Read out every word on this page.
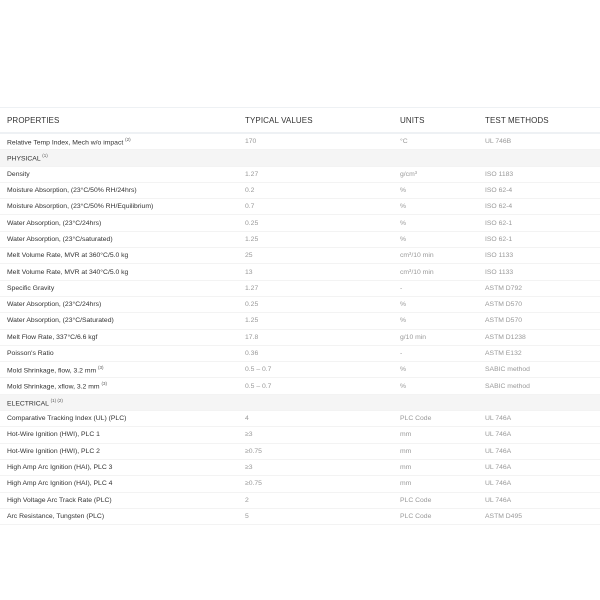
PROPERTIES	TYPICAL VALUES	UNITS	TEST METHODS
Relative Temp Index, Mech w/o impact $^{(2)}$	170	°C	UL 746B
PHYSICAL $^{(1)}$
Density	1.27	g/cm³	ISO 1183
Moisture Absorption, (23°C/50% RH/24hrs)	0.2	%	ISO 62-4
Moisture Absorption, (23°C/50% RH/Equilibrium)	0.7	%	ISO 62-4
Water Absorption, (23°C/24hrs)	0.25	%	ISO 62-1
Water Absorption, (23°C/saturated)	1.25	%	ISO 62-1
Melt Volume Rate, MVR at 360°C/5.0 kg	25	cm³/10 min	ISO 1133
Melt Volume Rate, MVR at 340°C/5.0 kg	13	cm³/10 min	ISO 1133
Specific Gravity	1.27	-	ASTM D792
Water Absorption, (23°C/24hrs)	0.25	%	ASTM D570
Water Absorption, (23°C/Saturated)	1.25	%	ASTM D570
Melt Flow Rate, 337°C/6.6 kgf	17.8	g/10 min	ASTM D1238
Poisson's Ratio	0.36	-	ASTM E132
Mold Shrinkage, flow, 3.2 mm $^{(3)}$	0.5 – 0.7	%	SABIC method
Mold Shrinkage, xflow, 3.2 mm $^{(3)}$	0.5 – 0.7	%	SABIC method
ELECTRICAL $^{(1) (2)}$
Comparative Tracking Index (UL) (PLC)	4	PLC Code	UL 746A
Hot-Wire Ignition (HWI), PLC 1	≥3	mm	UL 746A
Hot-Wire Ignition (HWI), PLC 2	≥0.75	mm	UL 746A
High Amp Arc Ignition (HAI), PLC 3	≥3	mm	UL 746A
High Amp Arc Ignition (HAI), PLC 4	≥0.75	mm	UL 746A
High Voltage Arc Track Rate (PLC)	2	PLC Code	UL 746A
Arc Resistance, Tungsten (PLC)	5	PLC Code	ASTM D495
